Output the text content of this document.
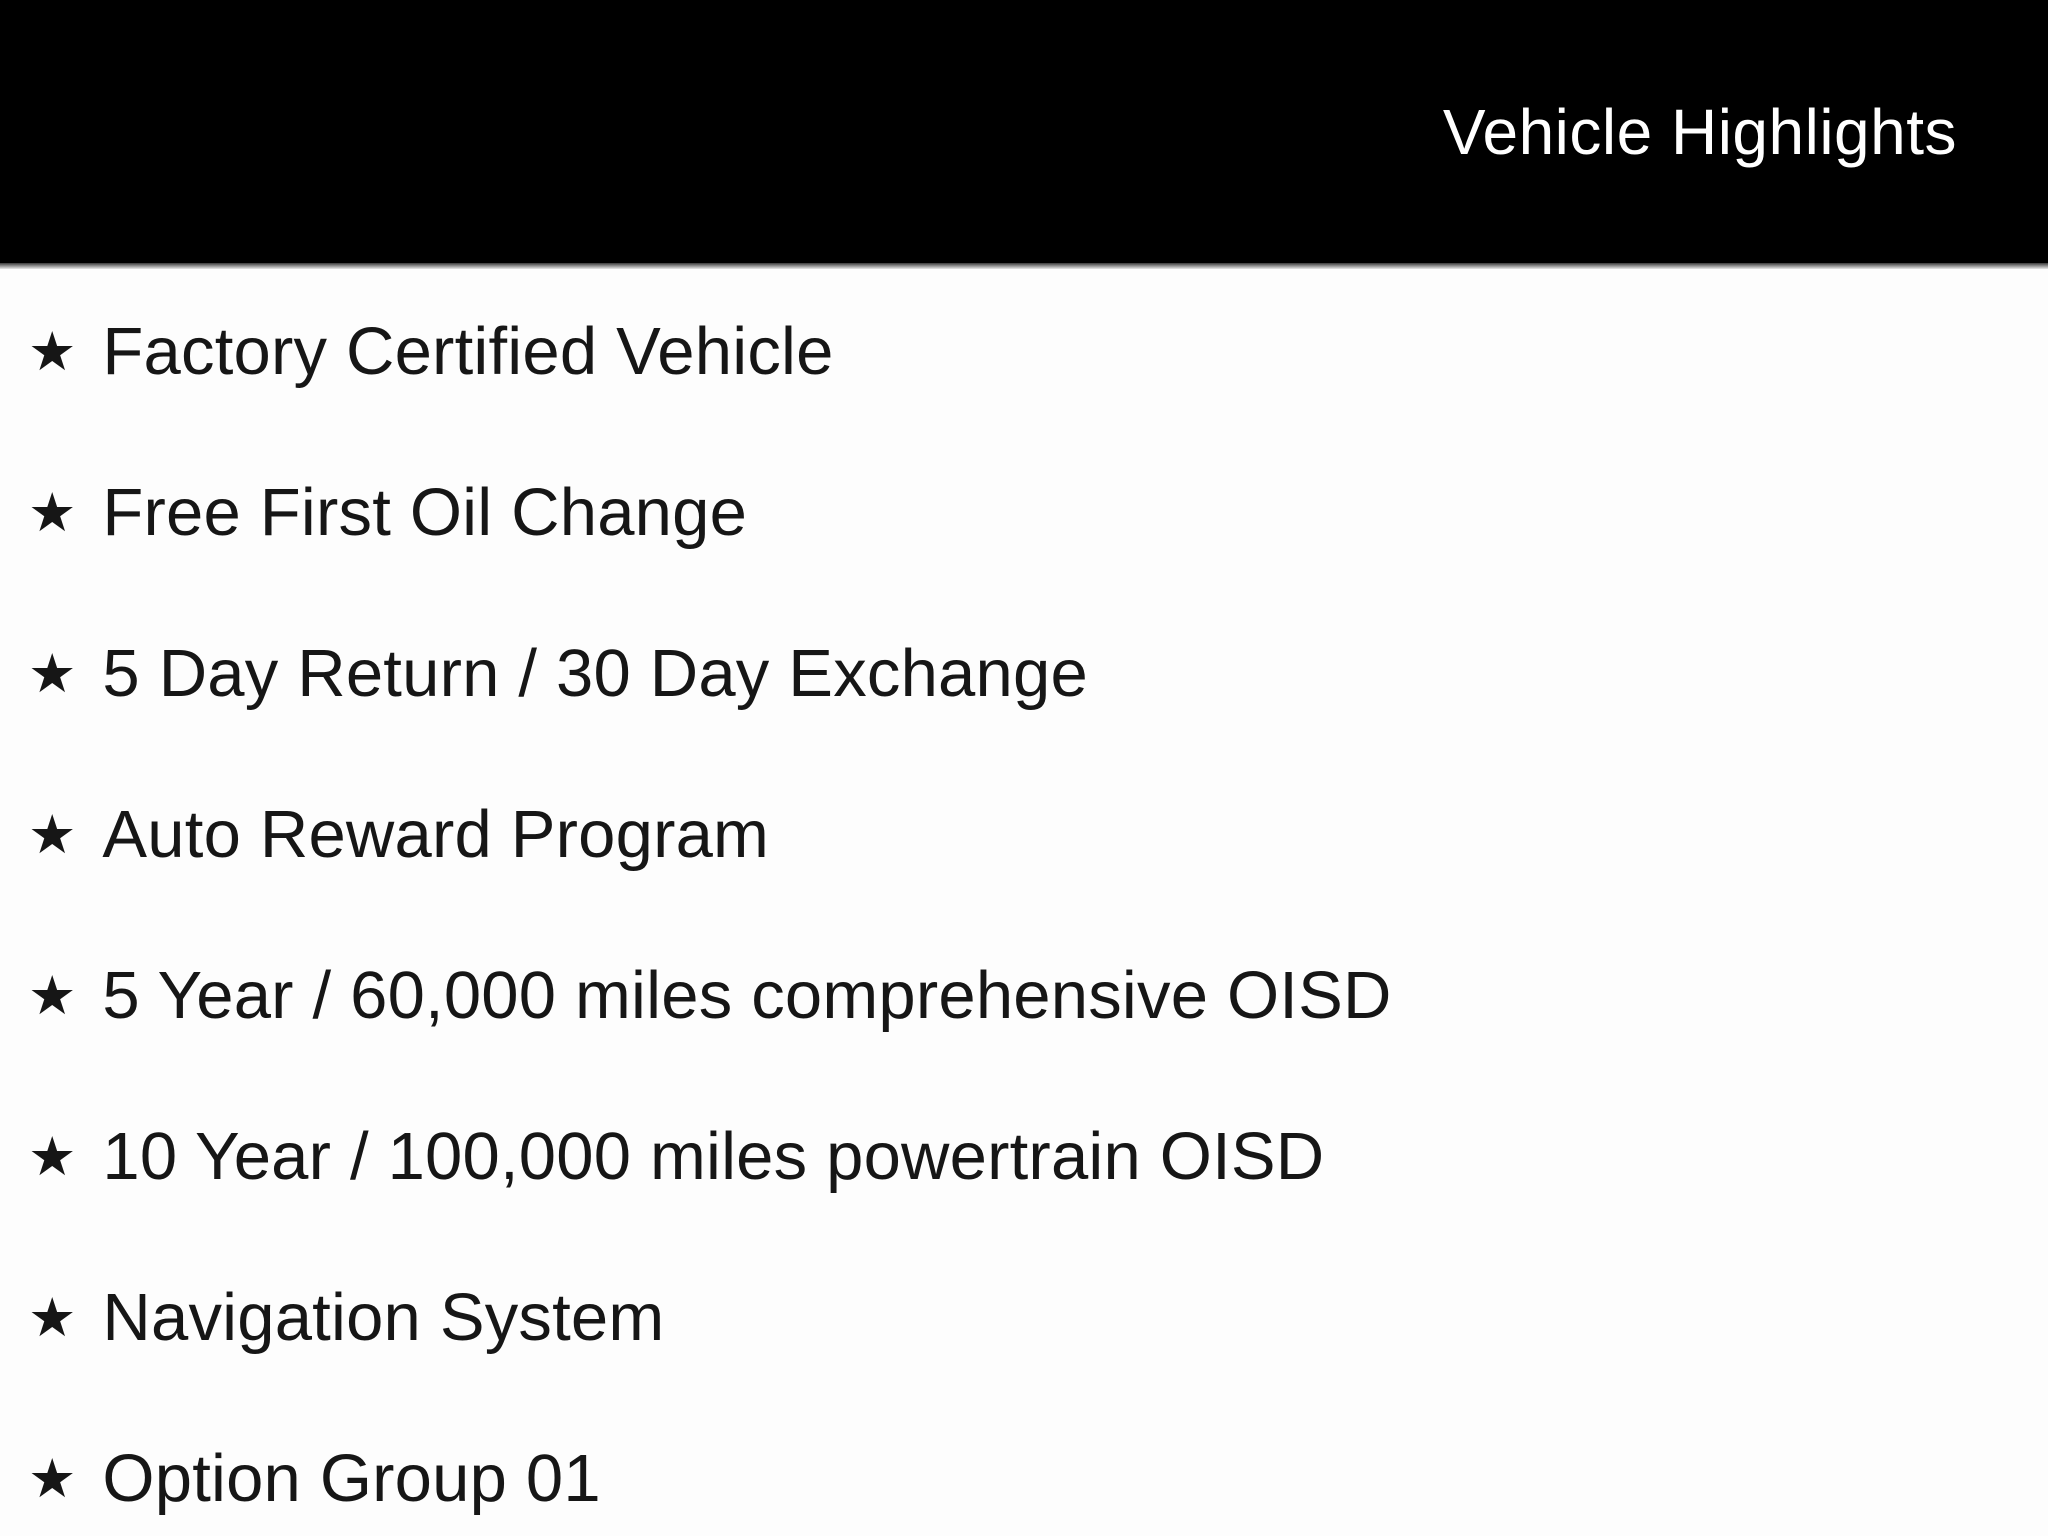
Vehicle Highlights
★ Factory Certified Vehicle
★ Free First Oil Change
★ 5 Day Return / 30 Day Exchange
★ Auto Reward Program
★ 5 Year / 60,000 miles comprehensive OISD
★ 10 Year / 100,000 miles powertrain OISD
★ Navigation System
★ Option Group 01
